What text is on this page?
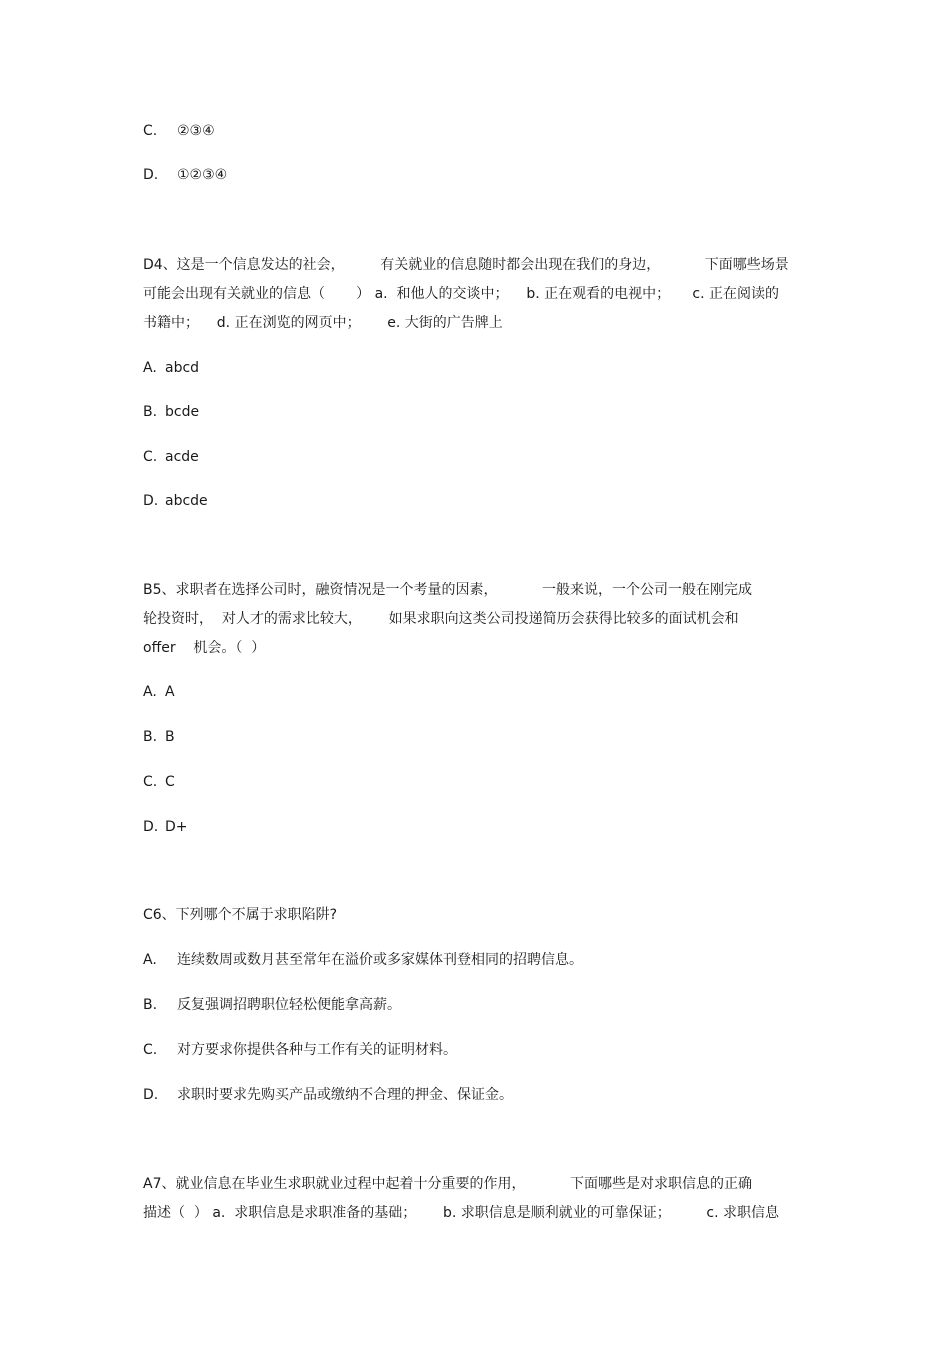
C. ②③④
D. ①②③④
D4、这是一个信息发达的社会，        有关就业的信息随时都会出现在我们的身边，          下面哪些场景
可能会出现有关就业的信息（       ） a.  和他人的交谈中；    b. 正在观看的电视中；     c. 正在阅读的
书籍中；    d. 正在浏览的网页中；      e. 大街的广告牌上
A. abcd
B. bcde
C. acde
D. abcde
B5、求职者在选择公司时，融资情况是一个考量的因素，          一般来说，一个公司一般在刚完成
轮投资时，  对人才的需求比较大，      如果求职向这类公司投递简历会获得比较多的面试机会和
offer    机会。（  ）
A. A
B. B
C. C
D. D+
C6、下列哪个不属于求职陷阱?
A. 连续数周或数月甚至常年在溢价或多家媒体刊登相同的招聘信息。
B. 反复强调招聘职位轻松便能拿高薪。
C. 对方要求你提供各种与工作有关的证明材料。
D. 求职时要求先购买产品或缴纳不合理的押金、保证金。
A7、就业信息在毕业生求职就业过程中起着十分重要的作用，          下面哪些是对求职信息的正确
描述（  ） a.  求职信息是求职准备的基础；      b. 求职信息是顺利就业的可靠保证；        c. 求职信息
